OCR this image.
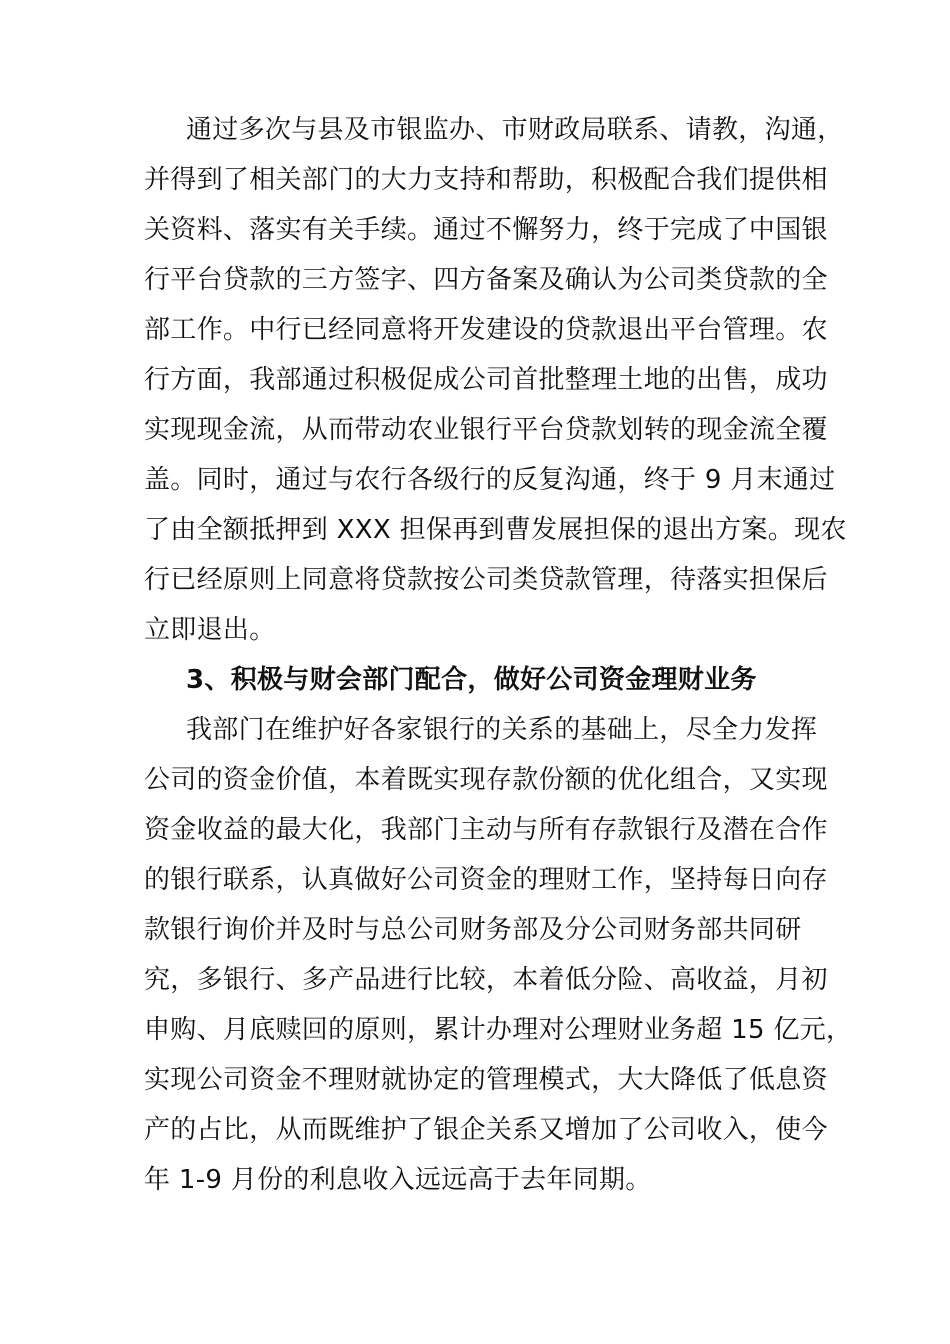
通过多次与县及市银监办、市财政局联系、请教，沟通，
并得到了相关部门的大力支持和帮助，积极配合我们提供相
关资料、落实有关手续。通过不懈努力，终于完成了中国银
行平台贷款的三方签字、四方备案及确认为公司类贷款的全
部工作。中行已经同意将开发建设的贷款退出平台管理。农
行方面，我部通过积极促成公司首批整理土地的出售，成功
实现现金流，从而带动农业银行平台贷款划转的现金流全覆
盖。同时，通过与农行各级行的反复沟通，终于 9 月末通过
了由全额抵押到 XXX 担保再到曹发展担保的退出方案。现农
行已经原则上同意将贷款按公司类贷款管理，待落实担保后
立即退出。
3、积极与财会部门配合，做好公司资金理财业务
我部门在维护好各家银行的关系的基础上，尽全力发挥
公司的资金价值，本着既实现存款份额的优化组合，又实现
资金收益的最大化，我部门主动与所有存款银行及潜在合作
的银行联系，认真做好公司资金的理财工作，坚持每日向存
款银行询价并及时与总公司财务部及分公司财务部共同研
究，多银行、多产品进行比较，本着低分险、高收益，月初
申购、月底赎回的原则，累计办理对公理财业务超 15 亿元，
实现公司资金不理财就协定的管理模式，大大降低了低息资
产的占比，从而既维护了银企关系又增加了公司收入，使今
年 1-9 月份的利息收入远远高于去年同期。
